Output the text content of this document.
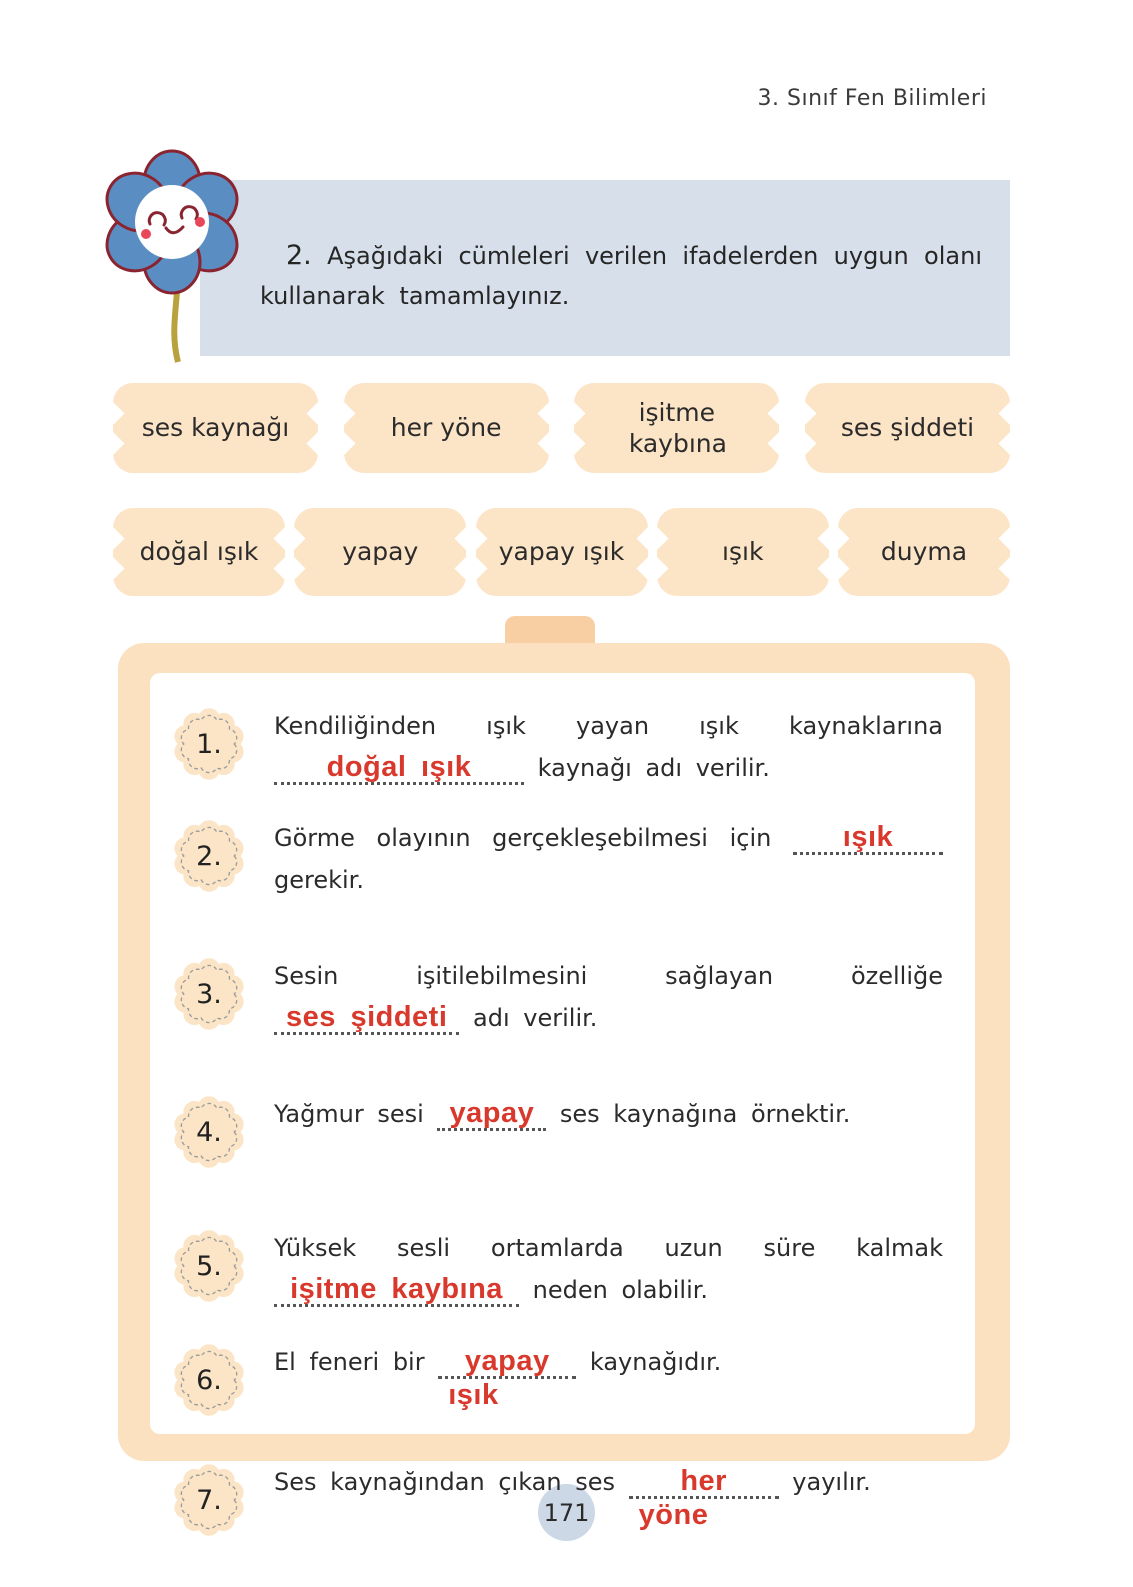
3. Sınıf Fen Bilimleri

2. Aşağıdaki cümleleri verilen ifadelerden uygun olanı kullanarak tamamlayınız.

ses kaynağı	her yöne
işitme kaybına
ses şiddeti
doğal ışık	yapay	yapay ışık	ışık	duyma
1.

Kendiliğinden ışık yayan ışık kaynaklarına doğal ışık	kaynağı adı verilir.

2.

Görme olayının gerçekleşebilmesi için ışık gerekir.

3.

Sesin işitilebilmesini sağlayan özelliğe ses şiddeti adı verilir.

4.

Yağmur sesi yapay ses kaynağına örnektir.

5.

Yüksek sesli ortamlarda uzun süre kalmak işitme kaybına neden olabilir.

6.

El feneri bir yapay
ışık
kaynağıdır.

7.

Ses kaynağından çıkan ses her
yöne
yayılır.

171
